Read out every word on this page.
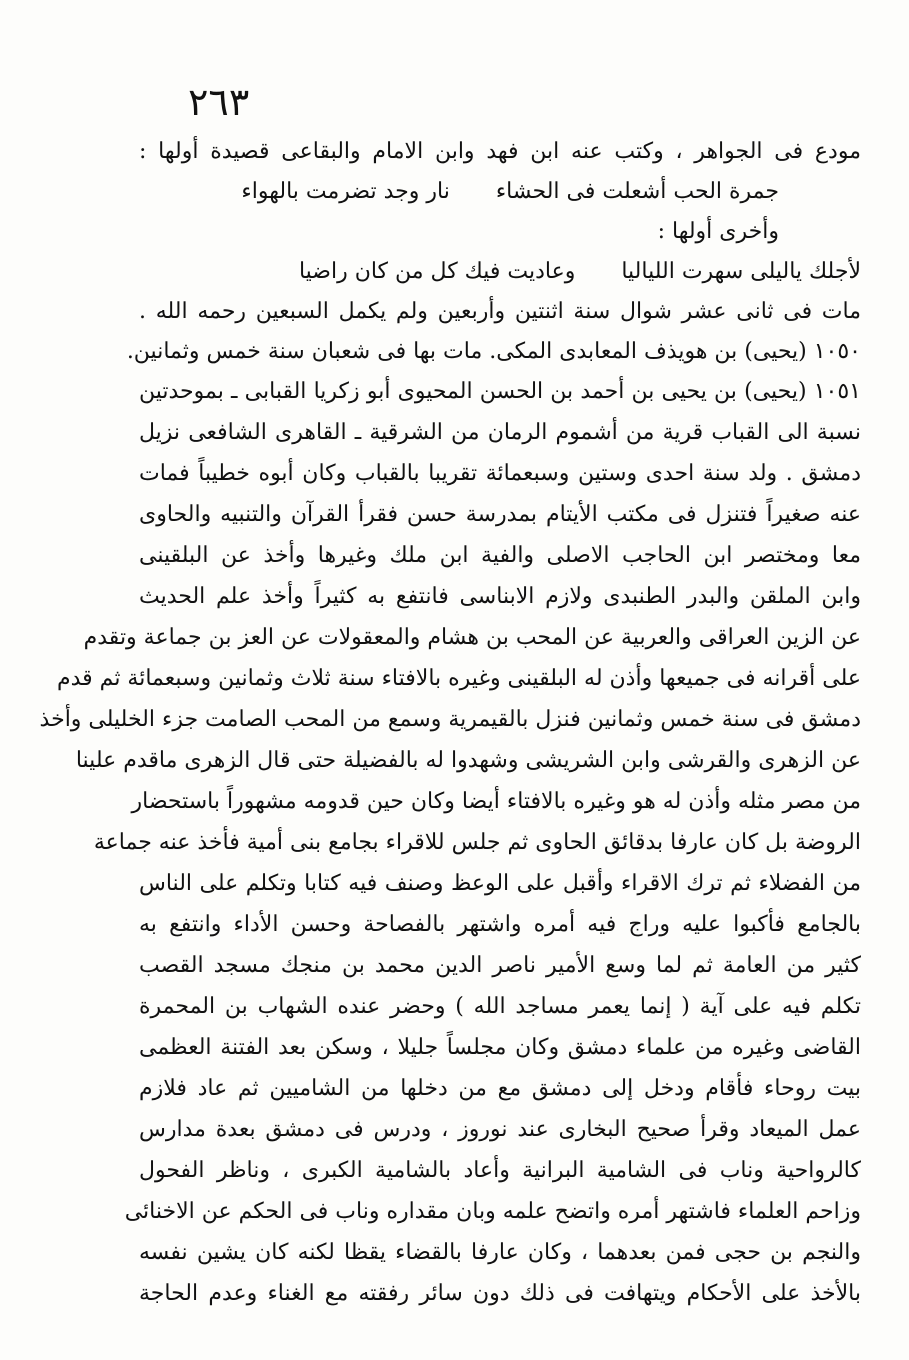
٢٦٣
مودع فى الجواهر ، وكتب عنه ابن فهد وابن الامام والبقاعى قصيدة أولها :
جمرة الحب أشعلت فى الحشاءنار وجد تضرمت بالهواء
وأخرى أولها :
لأجلك ياليلى سهرت الليالياوعاديت فيك كل من كان راضيا
مات فى ثانى عشر شوال سنة اثنتين وأربعين ولم يكمل السبعين رحمه الله .
١٠٥٠ (يحيى) بن هويذف المعابدى المكى. مات بها فى شعبان سنة خمس وثمانين.
١٠٥١ (يحيى) بن يحيى بن أحمد بن الحسن المحيوى أبو زكريا القبابى ـ بموحدتين
نسبة الى القباب قرية من أشموم الرمان من الشرقية ـ القاهرى الشافعى نزيل
دمشق . ولد سنة احدى وستين وسبعمائة تقريبا بالقباب وكان أبوه خطيباً فمات
عنه صغيراً فتنزل فى مكتب الأيتام بمدرسة حسن فقرأ القرآن والتنبيه والحاوى
معا ومختصر ابن الحاجب الاصلى والفية ابن ملك وغيرها وأخذ عن البلقينى
وابن الملقن والبدر الطنبدى ولازم الابناسى فانتفع به كثيراً وأخذ علم الحديث
عن الزين العراقى والعربية عن المحب بن هشام والمعقولات عن العز بن جماعة وتقدم
على أقرانه فى جميعها وأذن له البلقينى وغيره بالافتاء سنة ثلاث وثمانين وسبعمائة ثم قدم
دمشق فى سنة خمس وثمانين فنزل بالقيمرية وسمع من المحب الصامت جزء الخليلى وأخذ
عن الزهرى والقرشى وابن الشريشى وشهدوا له بالفضيلة حتى قال الزهرى ماقدم علينا
من مصر مثله وأذن له هو وغيره بالافتاء أيضا وكان حين قدومه مشهوراً باستحضار
الروضة بل كان عارفا بدقائق الحاوى ثم جلس للاقراء بجامع بنى أمية فأخذ عنه جماعة
من الفضلاء ثم ترك الاقراء وأقبل على الوعظ وصنف فيه كتابا وتكلم على الناس
بالجامع فأكبوا عليه وراج فيه أمره واشتهر بالفصاحة وحسن الأداء وانتفع به
كثير من العامة ثم لما وسع الأمير ناصر الدين محمد بن منجك مسجد القصب
تكلم فيه على آية ( إنما يعمر مساجد الله ) وحضر عنده الشهاب بن المحمرة
القاضى وغيره من علماء دمشق وكان مجلساً جليلا ، وسكن بعد الفتنة العظمى
بيت روحاء فأقام ودخل إلى دمشق مع من دخلها من الشاميين ثم عاد فلازم
عمل الميعاد وقرأ صحيح البخارى عند نوروز ، ودرس فى دمشق بعدة مدارس
كالرواحية وناب فى الشامية البرانية وأعاد بالشامية الكبرى ، وناظر الفحول
وزاحم العلماء فاشتهر أمره واتضح علمه وبان مقداره وناب فى الحكم عن الاخنائى
والنجم بن حجى فمن بعدهما ، وكان عارفا بالقضاء يقظا لكنه كان يشين نفسه
بالأخذ على الأحكام ويتهافت فى ذلك دون سائر رفقته مع الغناء وعدم الحاجة
